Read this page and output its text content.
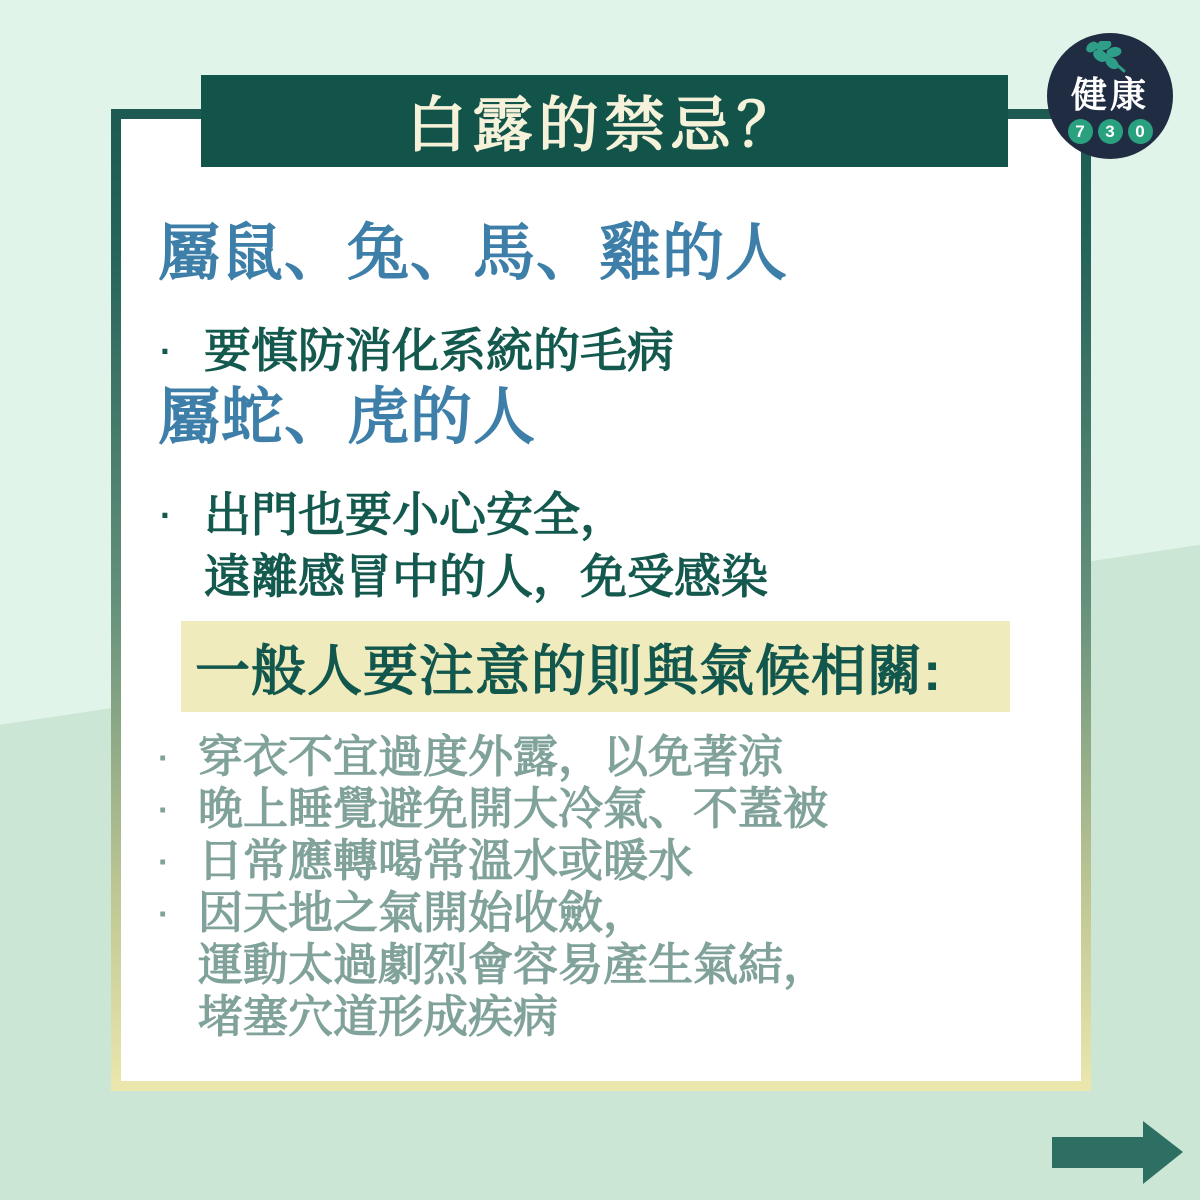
白露的禁忌？	健康
7	3	0
屬鼠、兔、馬、雞的人
· 要慎防消化系統的毛病
屬蛇、虎的人
· 出門也要小心安全，
遠離感冒中的人，免受感染
一般人要注意的則與氣候相關:
· 穿衣不宜過度外露，以免著涼
· 晚上睡覺避免開大冷氣、不蓋被
· 日常應轉喝常溫水或暖水
· 因天地之氣開始收斂，
運動太過劇烈會容易產生氣結，
堵塞穴道形成疾病
